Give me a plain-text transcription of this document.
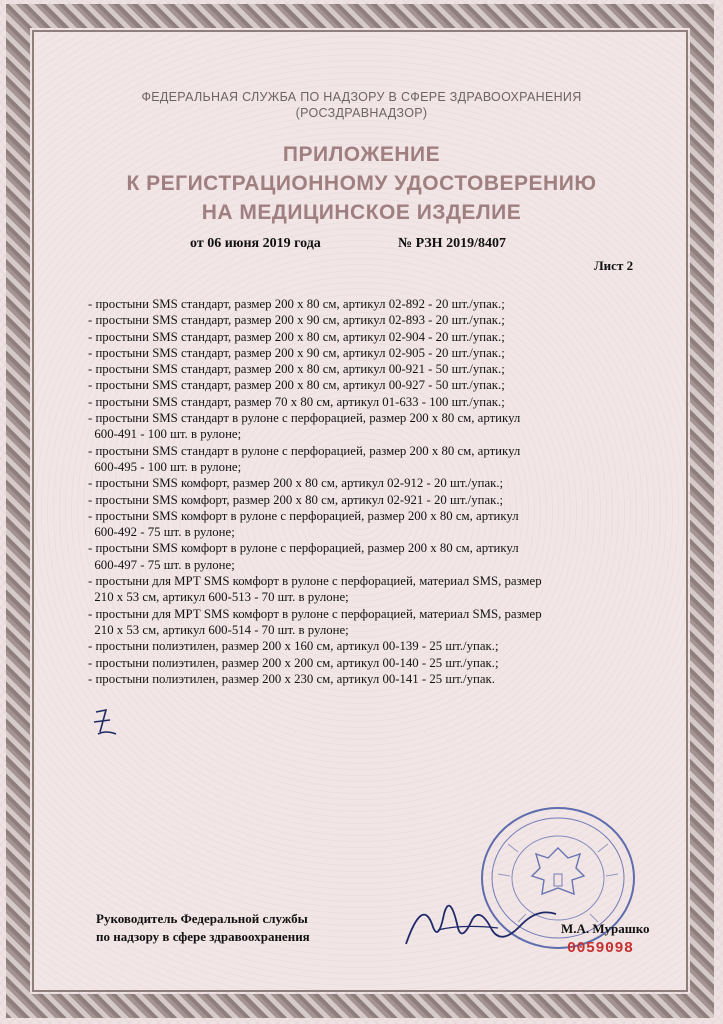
ФЕДЕРАЛЬНАЯ СЛУЖБА ПО НАДЗОРУ В СФЕРЕ ЗДРАВООХРАНЕНИЯ
(РОСЗДРАВНАДЗОР)
ПРИЛОЖЕНИЕ
К РЕГИСТРАЦИОННОМУ УДОСТОВЕРЕНИЮ
НА МЕДИЦИНСКОЕ ИЗДЕЛИЕ
от 06 июня 2019 года	№ РЗН 2019/8407
Лист 2
- простыни SMS стандарт, размер 200 х 80 см, артикул 02-892 - 20 шт./упак.;
- простыни SMS стандарт, размер 200 х 90 см, артикул 02-893 - 20 шт./упак.;
- простыни SMS стандарт, размер 200 х 80 см, артикул 02-904 - 20 шт./упак.;
- простыни SMS стандарт, размер 200 х 90 см, артикул 02-905 - 20 шт./упак.;
- простыни SMS стандарт, размер 200 х 80 см, артикул 00-921 - 50 шт./упак.;
- простыни SMS стандарт, размер 200 х 80 см, артикул 00-927 - 50 шт./упак.;
- простыни SMS стандарт, размер 70 х 80 см, артикул 01-633 - 100 шт./упак.;
- простыни SMS стандарт в рулоне с перфорацией, размер 200 х 80 см, артикул
600-491 - 100 шт. в рулоне;
- простыни SMS стандарт в рулоне с перфорацией, размер 200 х 80 см, артикул
600-495 - 100 шт. в рулоне;
- простыни SMS комфорт, размер 200 х 80 см, артикул 02-912 - 20 шт./упак.;
- простыни SMS комфорт, размер 200 х 80 см, артикул 02-921 - 20 шт./упак.;
- простыни SMS комфорт в рулоне с перфорацией, размер 200 х 80 см, артикул
600-492 - 75 шт. в рулоне;
- простыни SMS комфорт в рулоне с перфорацией, размер 200 х 80 см, артикул
600-497 - 75 шт. в рулоне;
- простыни для МРТ SMS комфорт в рулоне с перфорацией, материал SMS, размер
210 х 53 см, артикул 600-513 - 70 шт. в рулоне;
- простыни для МРТ SMS комфорт в рулоне с перфорацией, материал SMS, размер
210 х 53 см, артикул 600-514 - 70 шт. в рулоне;
- простыни полиэтилен, размер 200 х 160 см, артикул 00-139 - 25 шт./упак.;
- простыни полиэтилен, размер 200 х 200 см, артикул 00-140 - 25 шт./упак.;
- простыни полиэтилен, размер 200 х 230 см, артикул 00-141 - 25 шт./упак.
Руководитель Федеральной службы
по надзору в сфере здравоохранения
М.А. Мурашко
0059098
